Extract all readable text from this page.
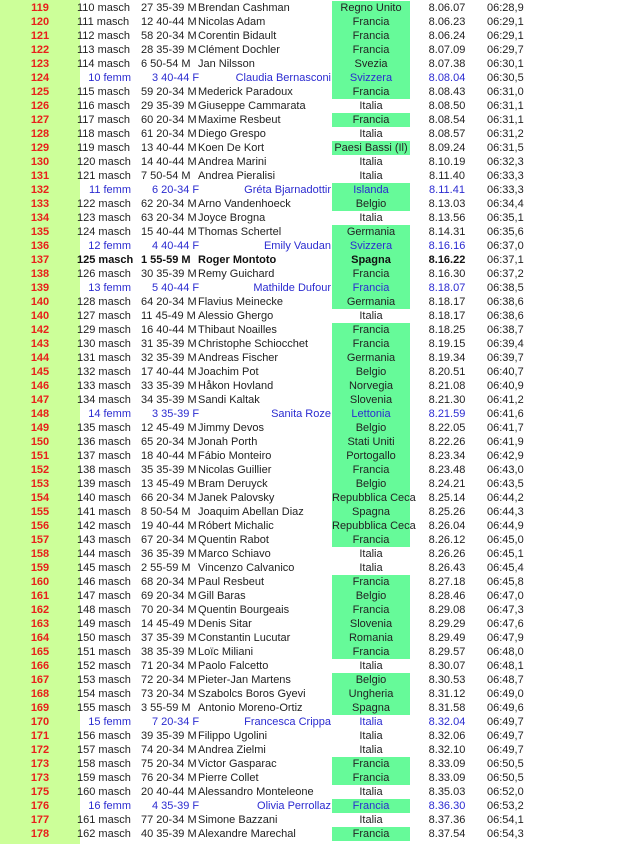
119	110 masch 27 35-39 M Brendan Cashman	Regno Unito	8.06.07	06:28,9
120	111 masch 12 40-44 M Nicolas Adam	Francia	8.06.23	06:29,1
121	112 masch 58 20-34 M Corentin Bidault	Francia	8.06.24	06:29,1
122	113 masch 28 35-39 M Clément Dochler	Francia	8.07.09	06:29,7
123	114 masch 6 50-54 M Jan Nilsson	Svezia	8.07.38	06:30,1
124	10 femm 3 40-44 F	Claudia Bernasconi	Svizzera	8.08.04	06:30,5
125	115 masch 59 20-34 M Mederick Paradoux	Francia	8.08.43	06:31,0
126	116 masch 29 35-39 M Giuseppe Cammarata	Italia	8.08.50	06:31,1
127	117 masch 60 20-34 M Maxime Resbeut	Francia	8.08.54	06:31,1
128	118 masch 61 20-34 M Diego Grespo	Italia	8.08.57	06:31,2
129	119 masch 13 40-44 M Koen De Kort	Paesi Bassi (Il)	8.09.24	06:31,5
130	120 masch 14 40-44 M Andrea Marini	Italia	8.10.19	06:32,3
131	121 masch 7 50-54 M Andrea Pieralisi	Italia	8.11.40	06:33,3
132	11 femm 6 20-34 F	Gréta Bjarnadottir	Islanda	8.11.41	06:33,3
133	122 masch 62 20-34 M Arno Vandenhoeck	Belgio	8.13.03	06:34,4
134	123 masch 63 20-34 M Joyce Brogna	Italia	8.13.56	06:35,1
135	124 masch 15 40-44 M Thomas Schertel	Germania	8.14.31	06:35,6
136	12 femm 4 40-44 F	Emily Vaudan	Svizzera	8.16.16	06:37,0
137	125 masch 1 55-59 M Roger Montoto	Spagna	8.16.22	06:37,1
138	126 masch 30 35-39 M Remy Guichard	Francia	8.16.30	06:37,2
139	13 femm 5 40-44 F	Mathilde Dufour	Francia	8.18.07	06:38,5
140	128 masch 64 20-34 M Flavius Meinecke	Germania	8.18.17	06:38,6
140	127 masch 11 45-49 M Alessio Ghergo	Italia	8.18.17	06:38,6
142	129 masch 16 40-44 M Thibaut Noailles	Francia	8.18.25	06:38,7
143	130 masch 31 35-39 M Christophe Schiocchet	Francia	8.19.15	06:39,4
144	131 masch 32 35-39 M Andreas Fischer	Germania	8.19.34	06:39,7
145	132 masch 17 40-44 M Joachim Pot	Belgio	8.20.51	06:40,7
146	133 masch 33 35-39 M Håkon Hovland	Norvegia	8.21.08	06:40,9
147	134 masch 34 35-39 M Sandi Kaltak	Slovenia	8.21.30	06:41,2
148	14 femm 3 35-39 F	Sanita Roze	Lettonia	8.21.59	06:41,6
149	135 masch 12 45-49 M Jimmy Devos	Belgio	8.22.05	06:41,7
150	136 masch 65 20-34 M Jonah Porth	Stati Uniti	8.22.26	06:41,9
151	137 masch 18 40-44 M Fábio Monteiro	Portogallo	8.23.34	06:42,9
152	138 masch 35 35-39 M Nicolas Guillier	Francia	8.23.48	06:43,0
153	139 masch 13 45-49 M Bram Deruyck	Belgio	8.24.21	06:43,5
154	140 masch 66 20-34 M Janek Palovsky	Repubblica Ceca	8.25.14	06:44,2
155	141 masch 8 50-54 M Joaquim Abellan Diaz	Spagna	8.25.26	06:44,3
156	142 masch 19 40-44 M Róbert Michalic	Repubblica Ceca	8.26.04	06:44,9
157	143 masch 67 20-34 M Quentin Rabot	Francia	8.26.12	06:45,0
158	144 masch 36 35-39 M Marco Schiavo	Italia	8.26.26	06:45,1
159	145 masch 2 55-59 M Vincenzo Calvanico	Italia	8.26.43	06:45,4
160	146 masch 68 20-34 M Paul Resbeut	Francia	8.27.18	06:45,8
161	147 masch 69 20-34 M Gill Baras	Belgio	8.28.46	06:47,0
162	148 masch 70 20-34 M Quentin Bourgeais	Francia	8.29.08	06:47,3
163	149 masch 14 45-49 M Denis Sitar	Slovenia	8.29.29	06:47,6
164	150 masch 37 35-39 M Constantin Lucutar	Romania	8.29.49	06:47,9
165	151 masch 38 35-39 M Loïc Miliani	Francia	8.29.57	06:48,0
166	152 masch 71 20-34 M Paolo Falcetto	Italia	8.30.07	06:48,1
167	153 masch 72 20-34 M Pieter-Jan Martens	Belgio	8.30.53	06:48,7
168	154 masch 73 20-34 M Szabolcs Boros Gyevi	Ungheria	8.31.12	06:49,0
169	155 masch 3 55-59 M Antonio Moreno-Ortiz	Spagna	8.31.58	06:49,6
170	15 femm 7 20-34 F	Francesca Crippa	Italia	8.32.04	06:49,7
171	156 masch 39 35-39 M Filippo Ugolini	Italia	8.32.06	06:49,7
172	157 masch 74 20-34 M Andrea Zielmi	Italia	8.32.10	06:49,7
173	158 masch 75 20-34 M Victor Gasparac	Francia	8.33.09	06:50,5
173	159 masch 76 20-34 M Pierre Collet	Francia	8.33.09	06:50,5
175	160 masch 20 40-44 M Alessandro Monteleone	Italia	8.35.03	06:52,0
176	16 femm 4 35-39 F	Olivia Perrollaz	Francia	8.36.30	06:53,2
177	161 masch 77 20-34 M Simone Bazzani	Italia	8.37.36	06:54,1
178	162 masch 40 35-39 M Alexandre Marechal	Francia	8.37.54	06:54,3
